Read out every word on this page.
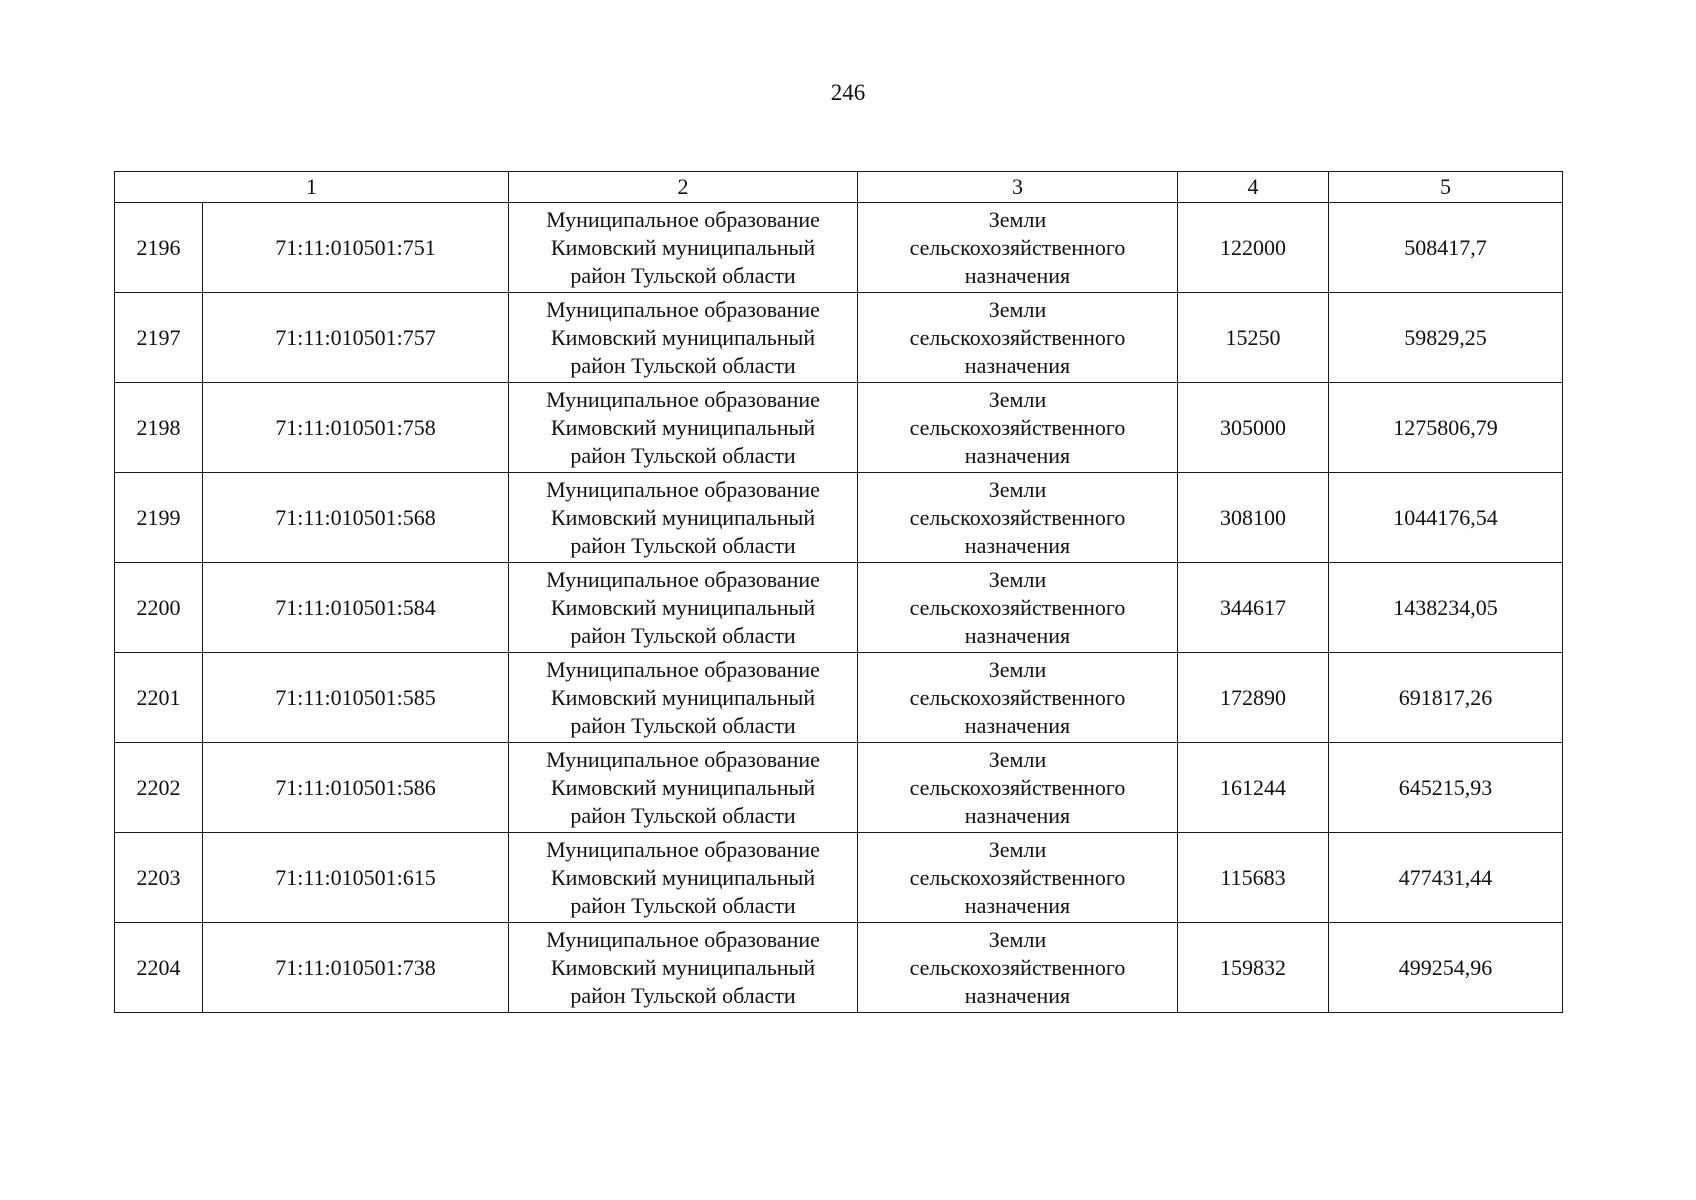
246
1		2	3	4	5
2196	71:11:010501:751	Муниципальное образование
Кимовский муниципальный
район Тульской области	Земли
сельскохозяйственного
назначения	122000	508417,7
2197	71:11:010501:757	Муниципальное образование
Кимовский муниципальный
район Тульской области	Земли
сельскохозяйственного
назначения	15250	59829,25
2198	71:11:010501:758	Муниципальное образование
Кимовский муниципальный
район Тульской области	Земли
сельскохозяйственного
назначения	305000	1275806,79
2199	71:11:010501:568	Муниципальное образование
Кимовский муниципальный
район Тульской области	Земли
сельскохозяйственного
назначения	308100	1044176,54
2200	71:11:010501:584	Муниципальное образование
Кимовский муниципальный
район Тульской области	Земли
сельскохозяйственного
назначения	344617	1438234,05
2201	71:11:010501:585	Муниципальное образование
Кимовский муниципальный
район Тульской области	Земли
сельскохозяйственного
назначения	172890	691817,26
2202	71:11:010501:586	Муниципальное образование
Кимовский муниципальный
район Тульской области	Земли
сельскохозяйственного
назначения	161244	645215,93
2203	71:11:010501:615	Муниципальное образование
Кимовский муниципальный
район Тульской области	Земли
сельскохозяйственного
назначения	115683	477431,44
2204	71:11:010501:738	Муниципальное образование
Кимовский муниципальный
район Тульской области	Земли
сельскохозяйственного
назначения	159832	499254,96
